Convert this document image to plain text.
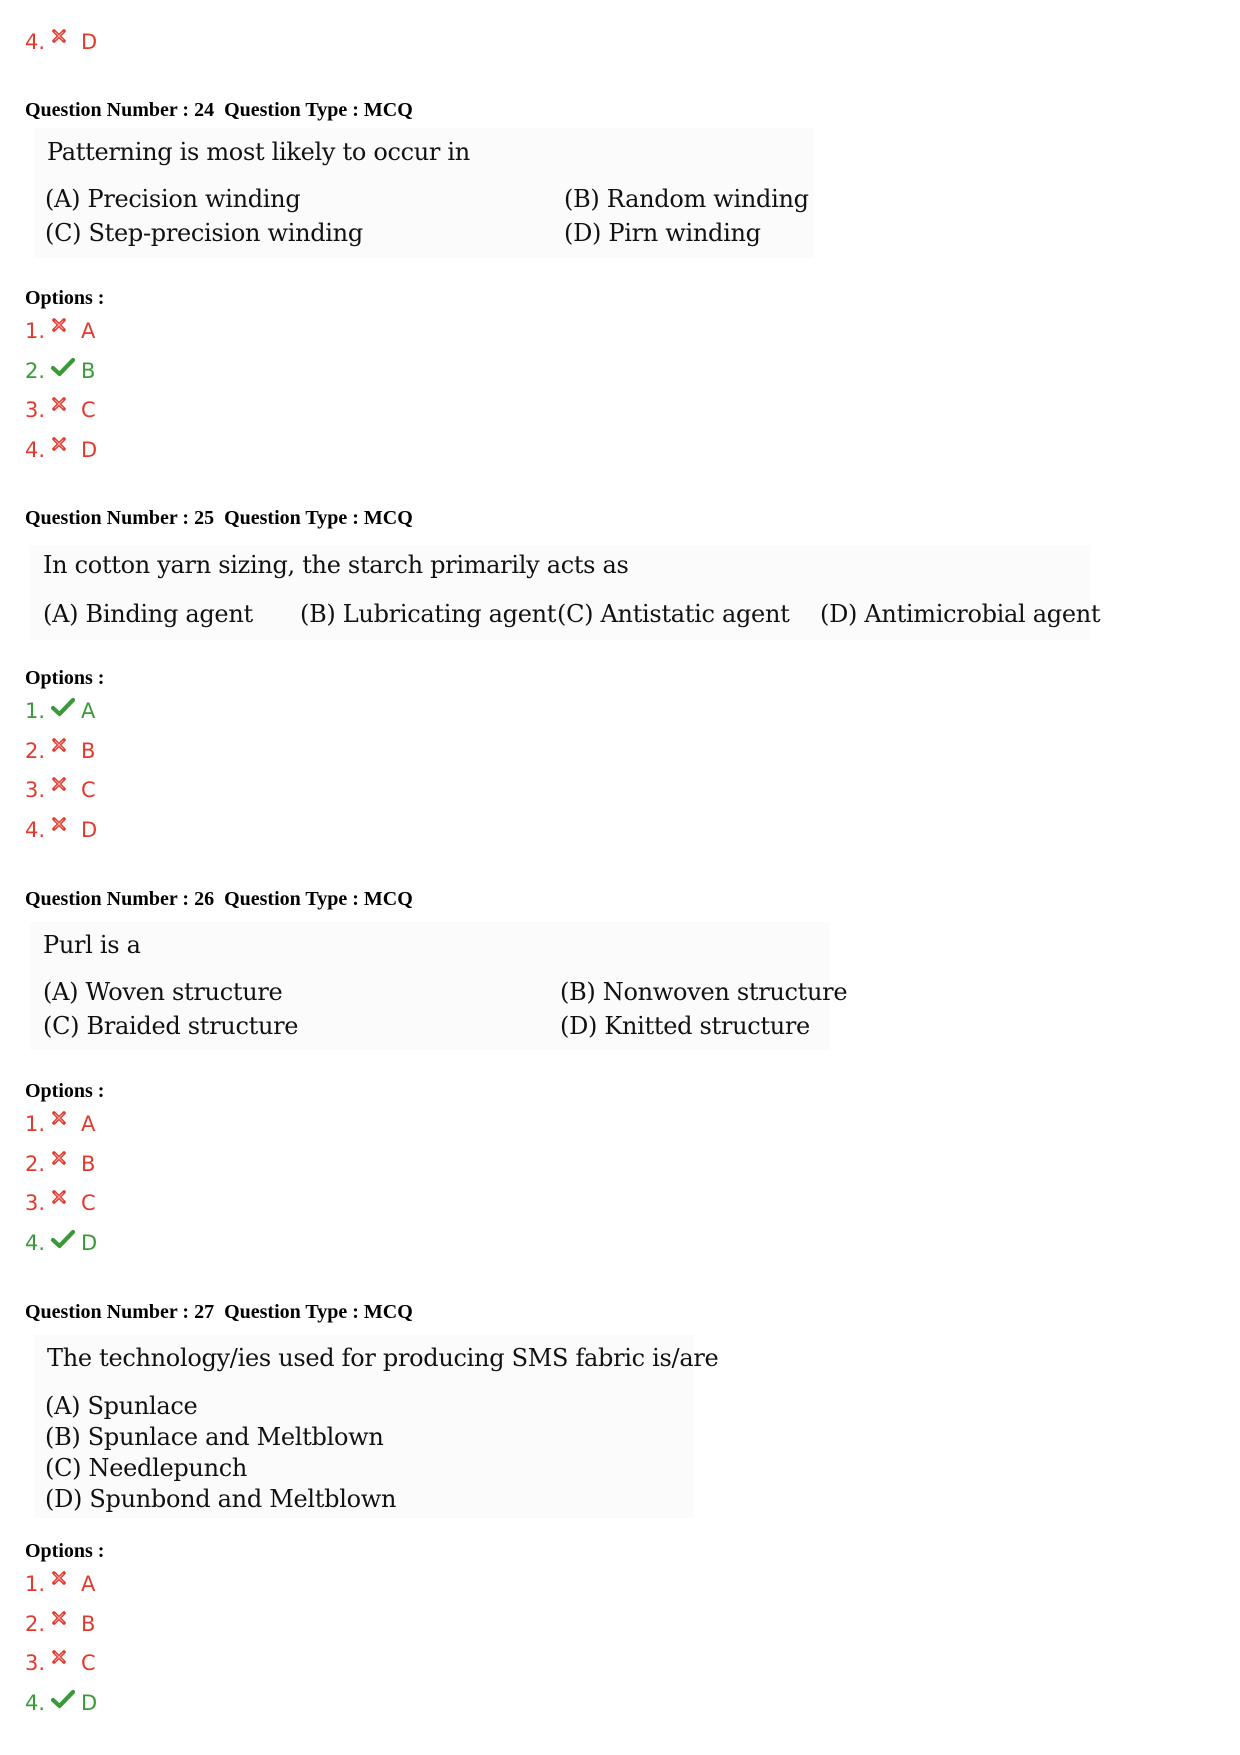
4. D
Question Number : 24  Question Type : MCQ
Patterning is most likely to occur in
(A) Precision winding	(B) Random winding
(C) Step-precision winding	(D) Pirn winding
Options :
Question Number : 25  Question Type : MCQ
In cotton yarn sizing, the starch primarily acts as
(A) Binding agent (B) Lubricating agent (C) Antistatic agent (D) Antimicrobial agent
Options :
Question Number : 26  Question Type : MCQ
Purl is a
(A) Woven structure	(B) Nonwoven structure
(C) Braided structure	(D) Knitted structure
Options :
Question Number : 27  Question Type : MCQ
The technology/ies used for producing SMS fabric is/are
(A) Spunlace
(B) Spunlace and Meltblown
(C) Needlepunch
(D) Spunbond and Meltblown
Options :
1. A
2. B
3. C
4. D
1. A
2. B
3. C
4. D
1. A
2. B
3. C
4. D
1. A
2. B
3. C
4. D
